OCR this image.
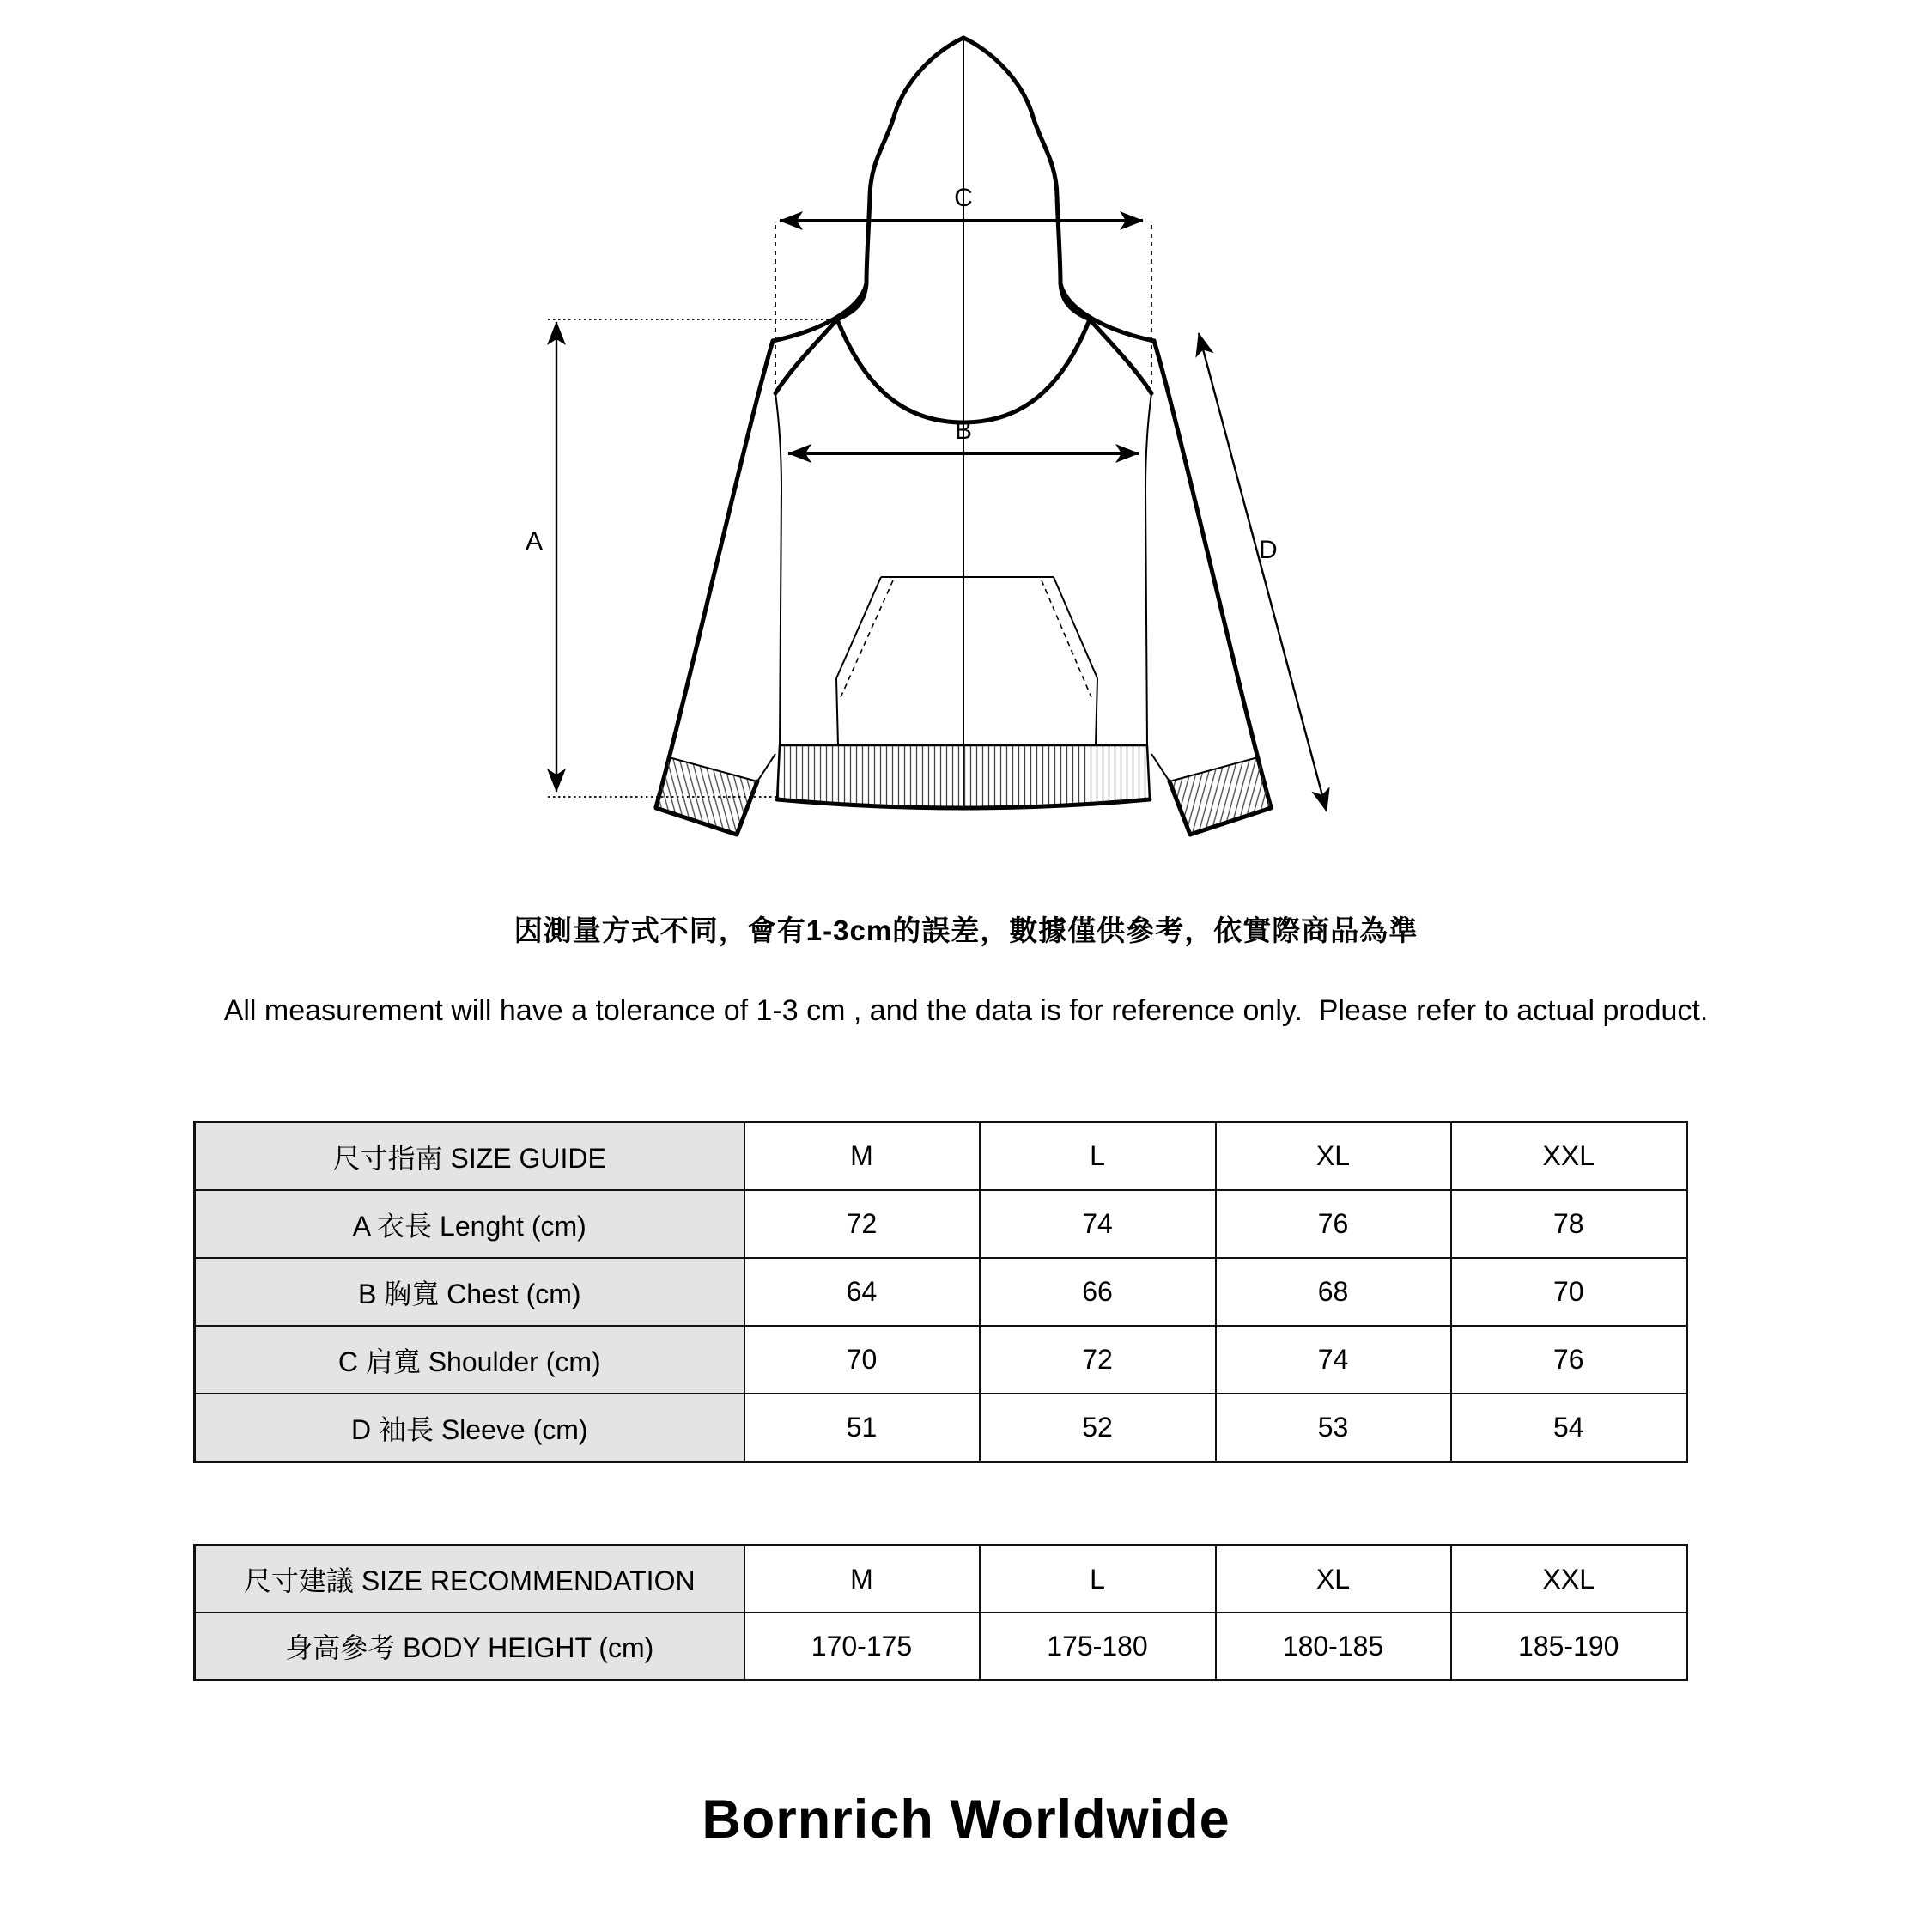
C
B
A	D
因測量方式不同，會有1-3cm的誤差，數據僅供參考，依實際商品為準
All measurement will have a tolerance of 1-3 cm , and the data is for reference only.  Please refer to actual product.
尺寸指南 SIZE GUIDE	M	L	XL	XXL
A 衣長 Lenght (cm)	72	74	76	78
B 胸寬 Chest (cm)	64	66	68	70
C 肩寬 Shoulder (cm)	70	72	74	76
D 袖長 Sleeve (cm)	51	52	53	54
尺寸建議 SIZE RECOMMENDATION	M	L	XL	XXL
身高參考 BODY HEIGHT (cm)	170-175	175-180	180-185	185-190
Bornrich Worldwide
